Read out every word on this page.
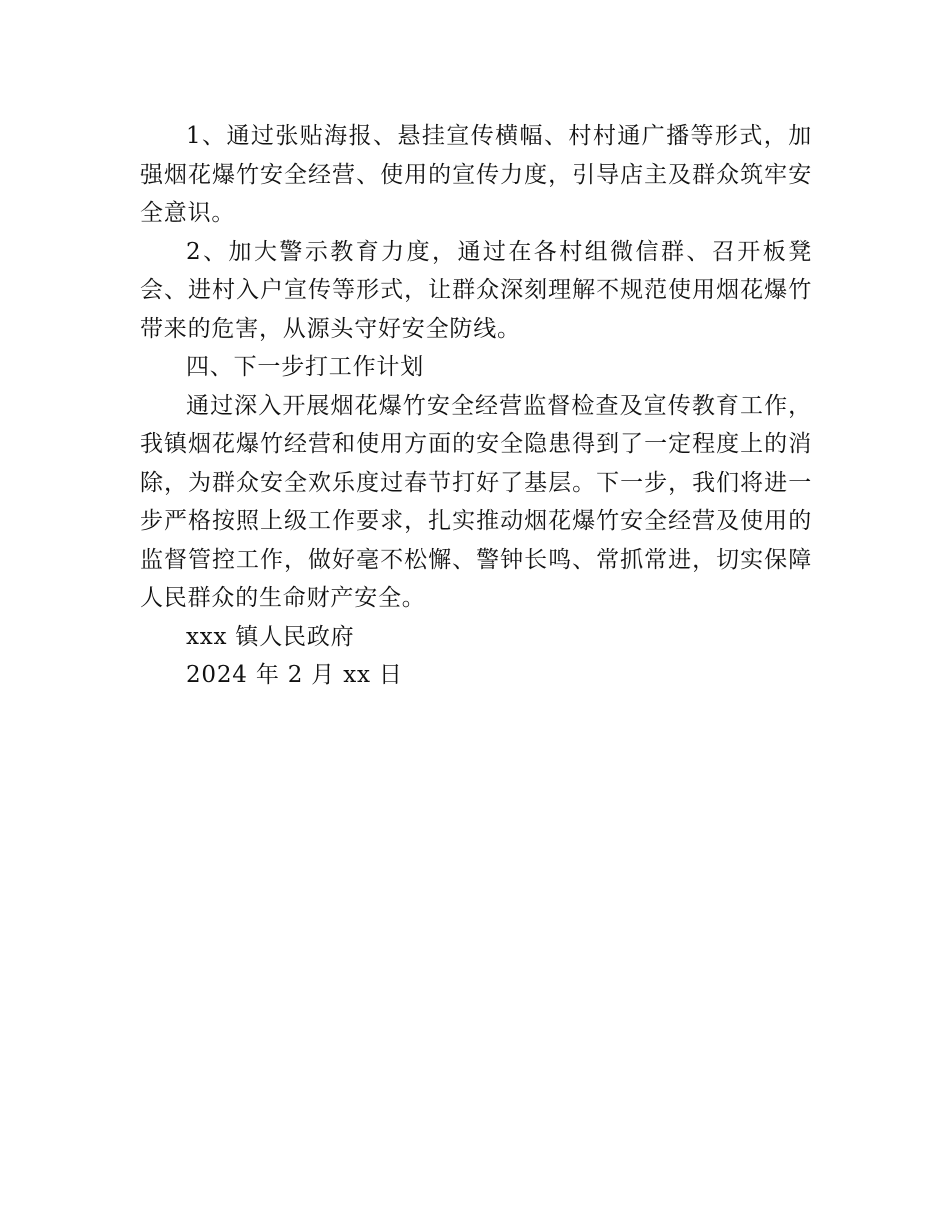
1、通过张贴海报、悬挂宣传横幅、村村通广播等形式，加强烟花爆竹安全经营、使用的宣传力度，引导店主及群众筑牢安全意识。

2、加大警示教育力度，通过在各村组微信群、召开板凳会、进村入户宣传等形式，让群众深刻理解不规范使用烟花爆竹带来的危害，从源头守好安全防线。

四、下一步打工作计划

通过深入开展烟花爆竹安全经营监督检查及宣传教育工作，我镇烟花爆竹经营和使用方面的安全隐患得到了一定程度上的消除，为群众安全欢乐度过春节打好了基层。下一步，我们将进一步严格按照上级工作要求，扎实推动烟花爆竹安全经营及使用的监督管控工作，做好毫不松懈、警钟长鸣、常抓常进，切实保障人民群众的生命财产安全。

xxx 镇人民政府

2024 年 2 月 xx 日
